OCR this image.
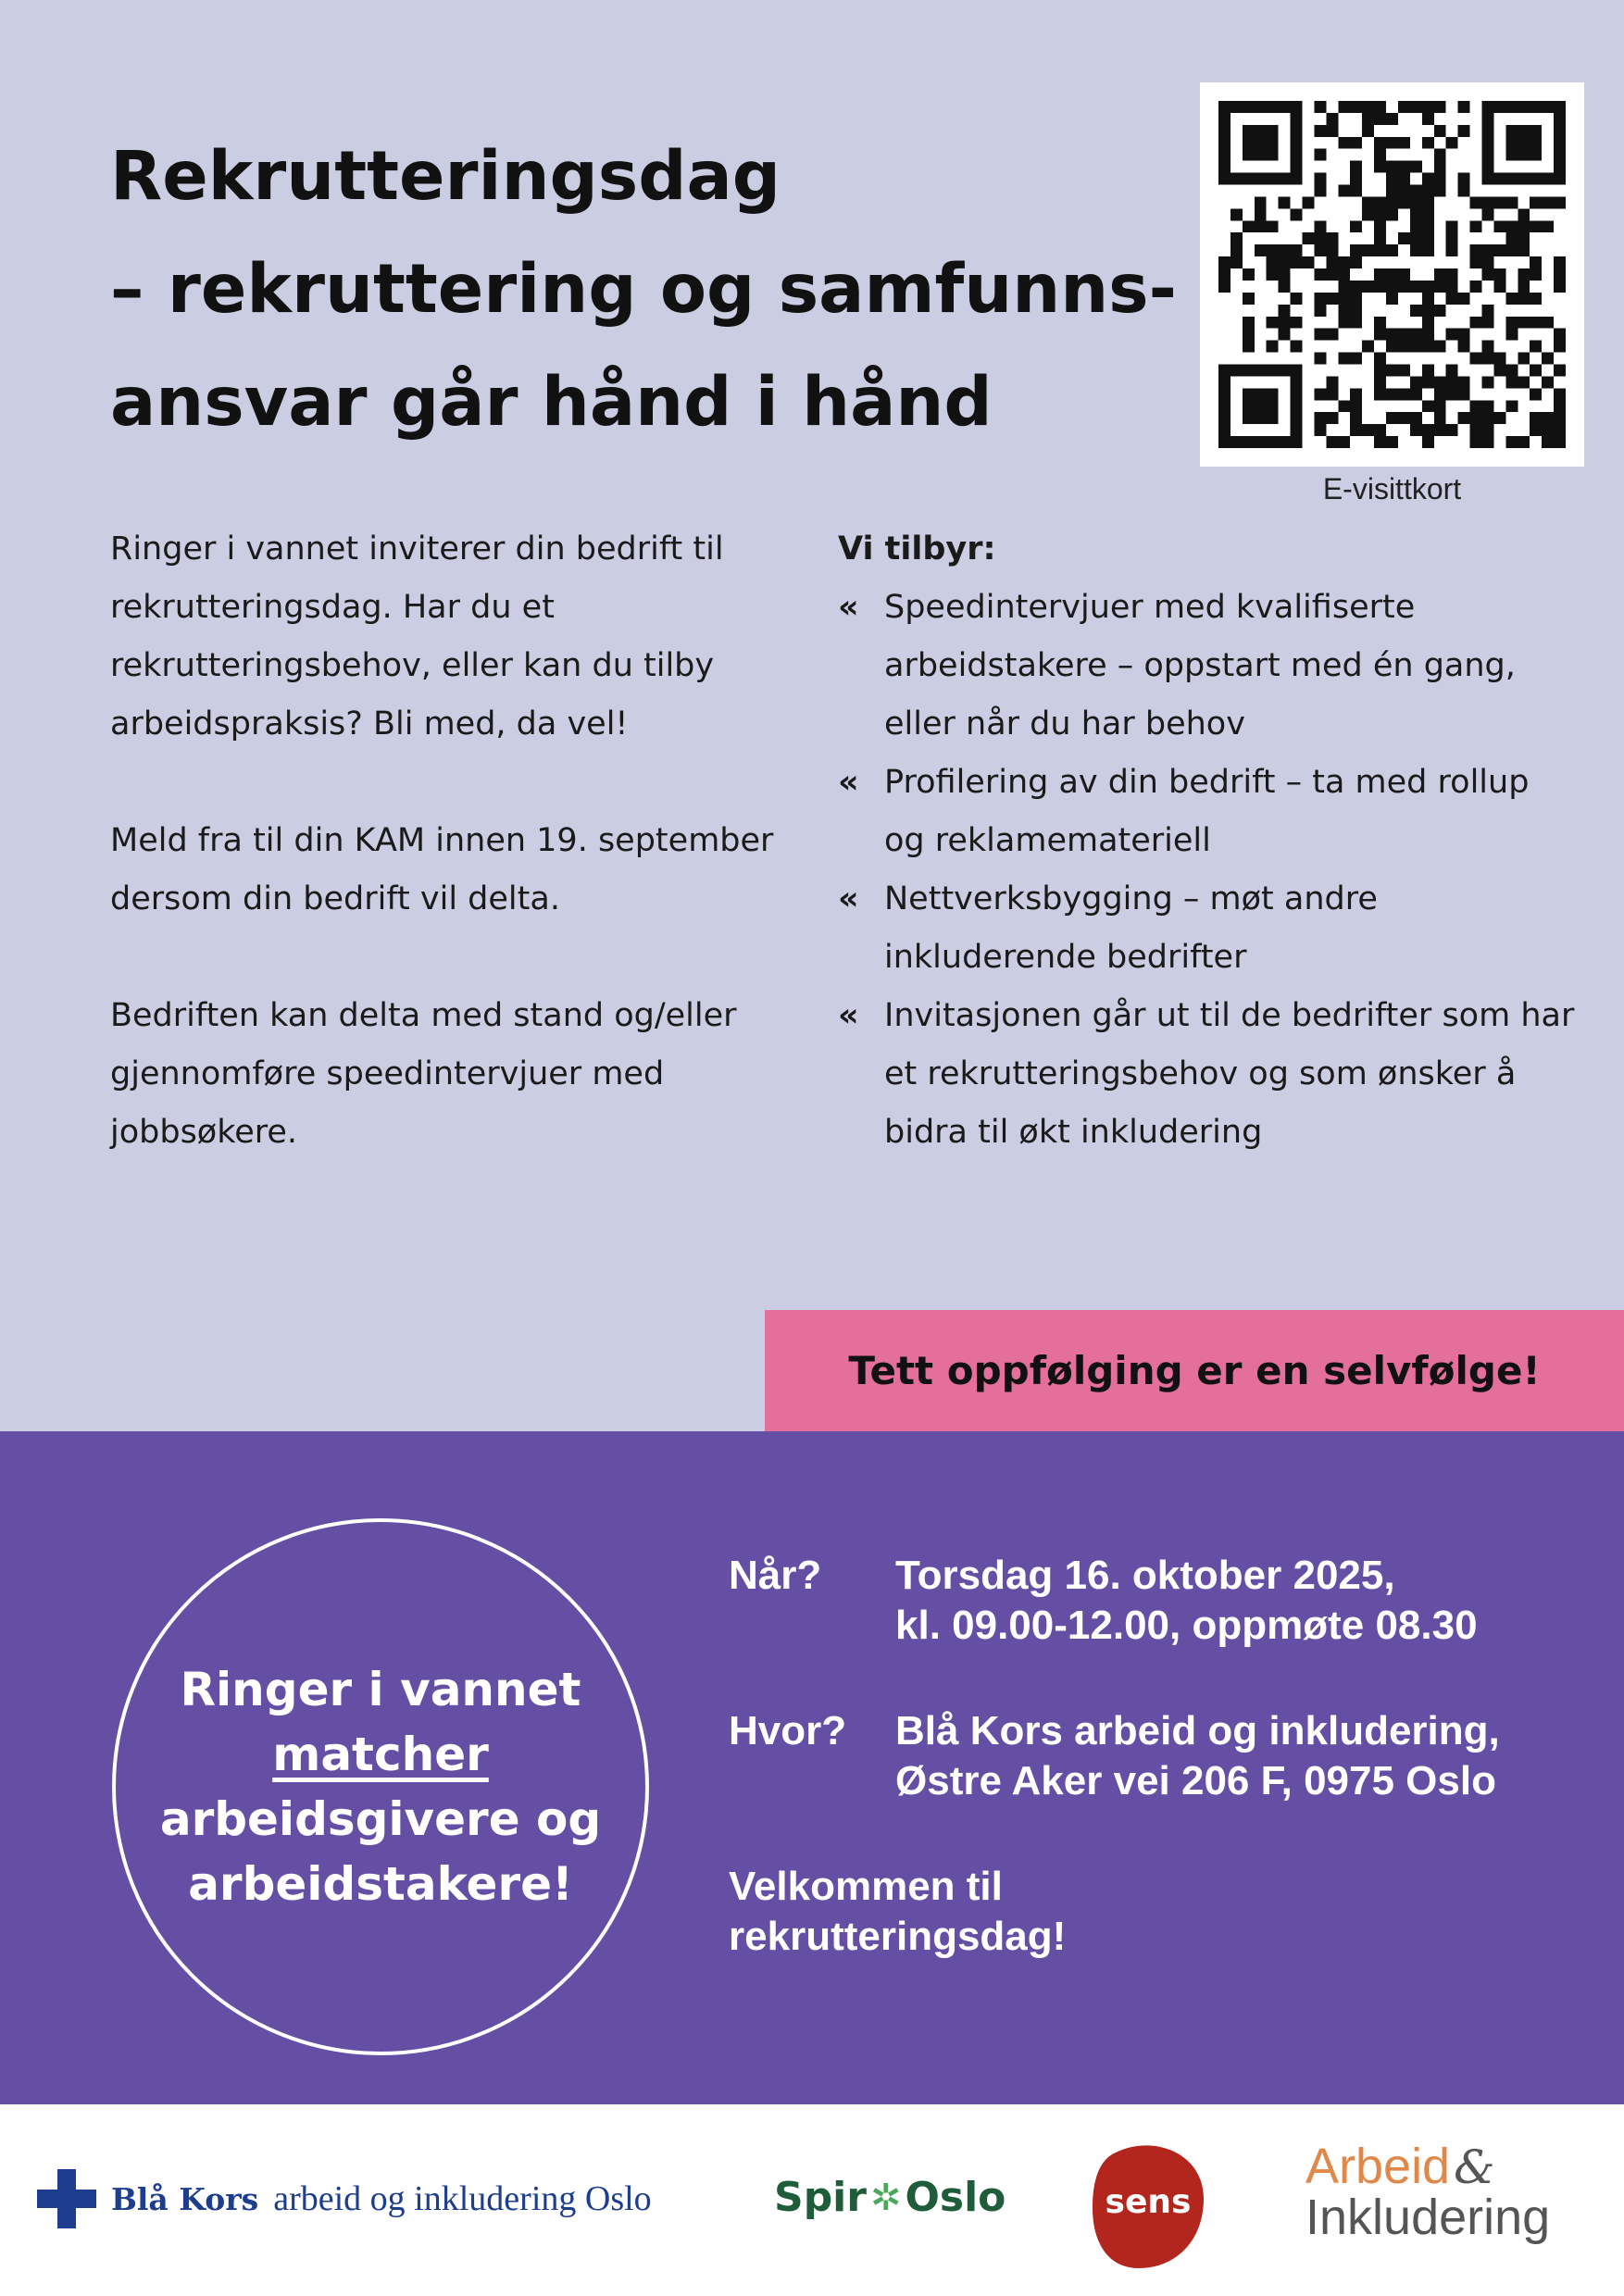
Rekrutteringsdag
– rekruttering og samfunns-
ansvar går hånd i hånd
E-visittkort

Ringer i vannet inviterer din bedrift til rekrutteringsdag. Har du et rekrutteringsbehov, eller kan du tilby arbeidspraksis? Bli med, da vel!

Meld fra til din KAM innen 19. september dersom din bedrift vil delta.

Bedriften kan delta med stand og/eller gjennomføre speedintervjuer med jobbsøkere.

Vi tilbyr:
« Speedintervjuer med kvalifiserte arbeidstakere – oppstart med én gang, eller når du har behov
« Profilering av din bedrift – ta med rollup og reklamemateriell
« Nettverksbygging – møt andre inkluderende bedrifter
« Invitasjonen går ut til de bedrifter som har et rekrutteringsbehov og som ønsker å bidra til økt inkludering
Tett oppfølging er en selvfølge!
Ringer i vannet
matcher
arbeidsgivere og
arbeidstakere!
Når?	Torsdag 16. oktober 2025,
kl. 09.00-12.00, oppmøte 08.30
Hvor?	Blå Kors arbeid og inkludering,
Østre Aker vei 206 F, 0975 Oslo
Velkommen til
rekrutteringsdag!
Blå Kors arbeid og inkludering Oslo	Spir ✲ Oslo	sens
Arbeid &
Inkludering
